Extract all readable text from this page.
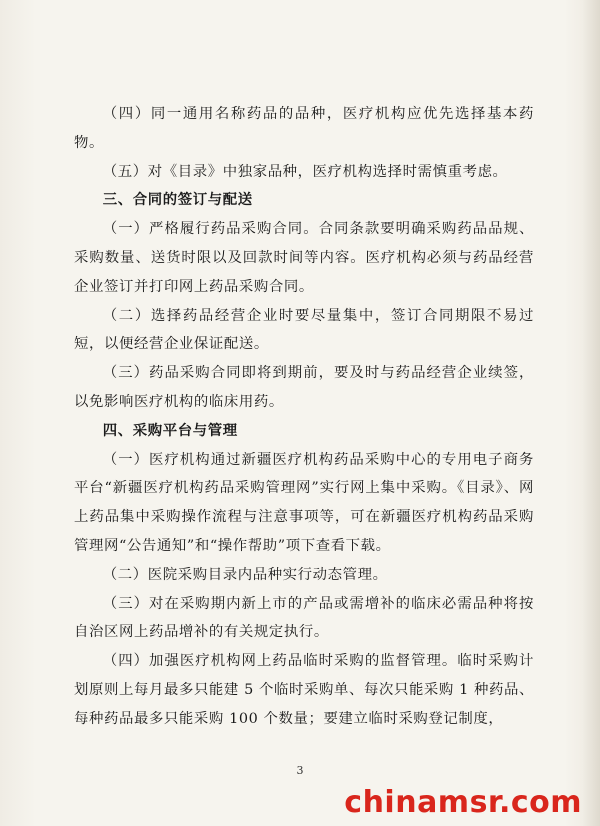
（四）同一通用名称药品的品种，医疗机构应优先选择基本药物。

（五）对《目录》中独家品种，医疗机构选择时需慎重考虑。

三、合同的签订与配送

（一）严格履行药品采购合同。合同条款要明确采购药品品规、采购数量、送货时限以及回款时间等内容。医疗机构必须与药品经营企业签订并打印网上药品采购合同。

（二）选择药品经营企业时要尽量集中，签订合同期限不易过短，以便经营企业保证配送。

（三）药品采购合同即将到期前，要及时与药品经营企业续签，以免影响医疗机构的临床用药。

四、采购平台与管理

（一）医疗机构通过新疆医疗机构药品采购中心的专用电子商务平台“新疆医疗机构药品采购管理网”实行网上集中采购。《目录》、网上药品集中采购操作流程与注意事项等，可在新疆医疗机构药品采购管理网“公告通知”和“操作帮助”项下查看下载。

（二）医院采购目录内品种实行动态管理。

（三）对在采购期内新上市的产品或需增补的临床必需品种将按自治区网上药品增补的有关规定执行。

（四）加强医疗机构网上药品临时采购的监督管理。临时采购计划原则上每月最多只能建 5 个临时采购单、每次只能采购 1 种药品、每种药品最多只能采购 100 个数量；要建立临时采购登记制度，

3
chinamsr.com
